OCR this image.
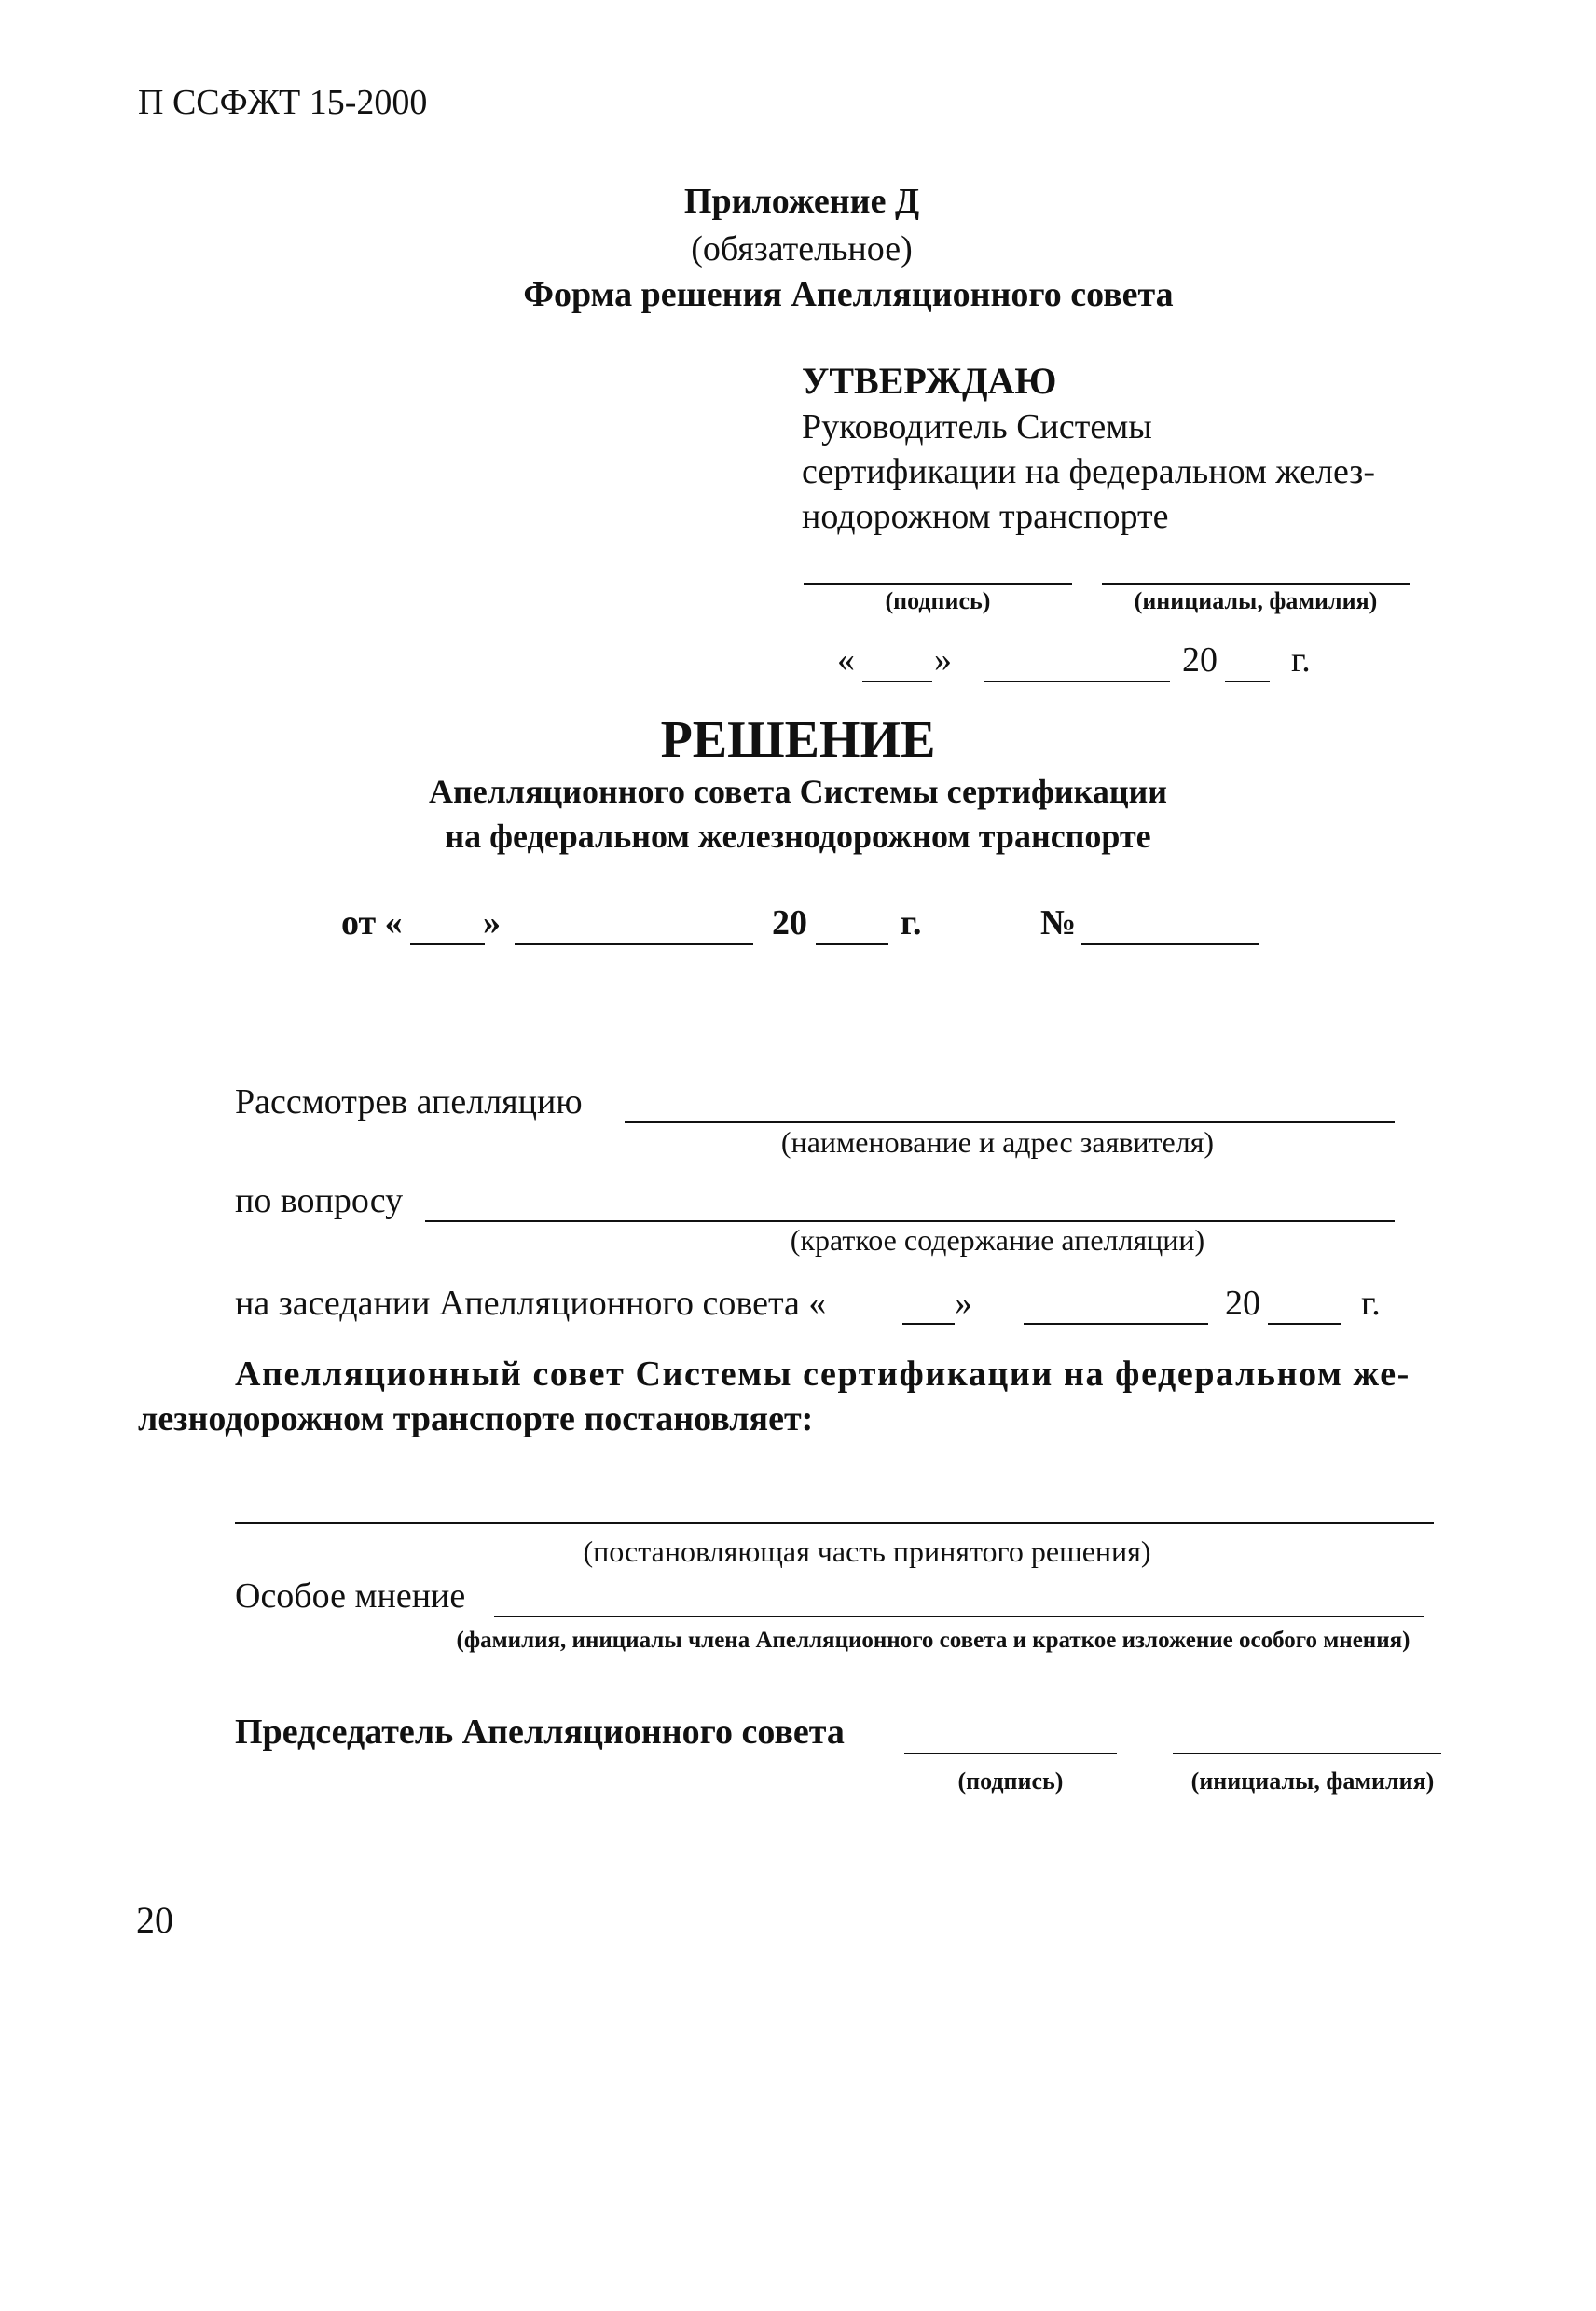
П ССФЖТ 15-2000
Приложение Д
(обязательное)
Форма решения Апелляционного совета
УТВЕРЖДАЮ
Руководитель Системы
сертификации на федеральном желез-
нодорожном транспорте
(подпись)	(инициалы, фамилия)
« »	20 г.
РЕШЕНИЕ
Апелляционного совета Системы сертификации
на федеральном железнодорожном транспорте
от « »	20	г.	№
Рассмотрев апелляцию
(наименование и адрес заявителя)
по вопросу
(краткое содержание апелляции)
на заседании Апелляционного совета «	»	20	г.
Апелляционный совет Системы сертификации на федеральном же-
лезнодорожном транспорте постановляет:
(постановляющая часть принятого решения)
Особое мнение
(фамилия, инициалы члена Апелляционного совета и краткое изложение особого мнения)
Председатель Апелляционного совета
(подпись)	(инициалы, фамилия)
20
